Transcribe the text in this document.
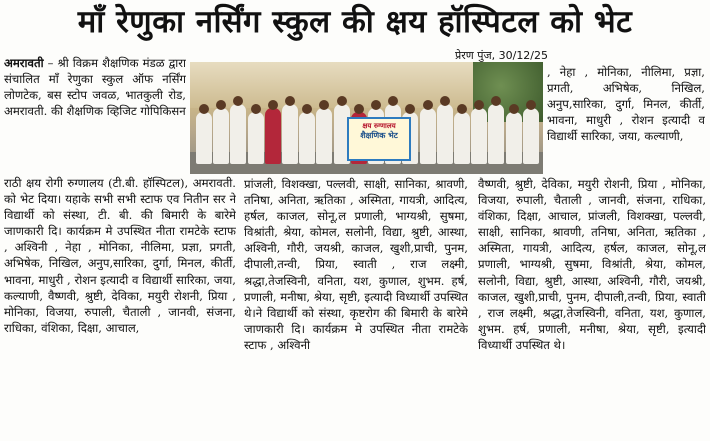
माँ रेणुका नर्सिंग स्कुल की क्षय हॉस्पिटल को भेट
प्रेरण पुंज, 30/12/25

अमरावती – श्री विक्रम शैक्षणिक मंडळ द्वारा संचालित माँ रेणुका स्कुल ऑफ नर्सिंग लोणटेक, बस स्टोप जवळ, भातकुली रोड, अमरावती. की शैक्षणिक व्हिजिट गोपिकिसन

राठी क्षय रोगी रुग्णालय (टी.बी. हॉस्पिटल), अमरावती. को भेट दिया। यहाके सभी सभी स्टाफ एव नितीन सर ने विद्यार्थी को संस्था, टी. बी. की बिमारी के बारेमे जाणकारी दि। कार्यक्रम मे उपस्थित नीता रामटेके स्टाफ , अश्विनी , नेहा , मोनिका, नीलिमा, प्रज्ञा, प्रगती, अभिषेक, निखिल, अनुप,सारिका, दुर्गा, मिनल, कीर्ती, भावना, माधुरी , रोशन इत्यादी व विद्यार्थी सारिका, जया, कल्याणी, वैष्णवी, श्रुष्टी, देविका, मयुरी रोशनी, प्रिया , मोनिका, विजया, रुपाली, चैताली , जानवी, संजना, राधिका, वंशिका, दिक्षा, आचाल,

क्षय रुग्णालय
शैक्षणिक भेट

प्रांजली, विशक्खा, पल्लवी, साक्षी, सानिका, श्रावणी, तनिषा, अनिता, ऋतिका , अस्मिता, गायत्री, आदित्य, हर्षल, काजल, सोनू,ल प्रणाली, भाग्यश्री, सुषमा, विश्रांती, श्रेया, कोमल, सलोनी, विद्या, श्रुष्टी, आस्था, अश्विनी, गौरी, जयश्री, काजल, खुशी,प्राची, पुनम, दीपाली,तन्वी, प्रिया, स्वाती , राज लक्ष्मी, श्रद्धा,तेजस्विनी, वनिता, यश, कुणाल, शुभम. हर्ष, प्रणाली, मनीषा, श्रेया, सृष्टी, इत्यादी विध्यार्थी उपस्थित थे।ने विद्यार्थी को संस्था, कृष्टरोग की बिमारी के बारेमे जाणकारी दि। कार्यक्रम मे उपस्थित नीता रामटेके स्टाफ , अश्विनी

, नेहा , मोनिका, नीलिमा, प्रज्ञा, प्रगती, अभिषेक, निखिल, अनुप,सारिका, दुर्गा, मिनल, कीर्ती, भावना, माधुरी , रोशन इत्यादी व विद्यार्थी सारिका, जया, कल्याणी,

वैष्णवी, श्रुष्टी, देविका, मयुरी रोशनी, प्रिया , मोनिका, विजया, रुपाली, चैताली , जानवी, संजना, राधिका, वंशिका, दिक्षा, आचाल, प्रांजली, विशक्खा, पल्लवी, साक्षी, सानिका, श्रावणी, तनिषा, अनिता, ऋतिका , अस्मिता, गायत्री, आदित्य, हर्षल, काजल, सोनू,ल प्रणाली, भाग्यश्री, सुषमा, विश्रांती, श्रेया, कोमल, सलोनी, विद्या, श्रुष्टी, आस्था, अश्विनी, गौरी, जयश्री, काजल, खुशी,प्राची, पुनम, दीपाली,तन्वी, प्रिया, स्वाती , राज लक्ष्मी, श्रद्धा,तेजस्विनी, वनिता, यश, कुणाल, शुभम. हर्ष, प्रणाली, मनीषा, श्रेया, सृष्टी, इत्यादी विध्यार्थी उपस्थित थे।
